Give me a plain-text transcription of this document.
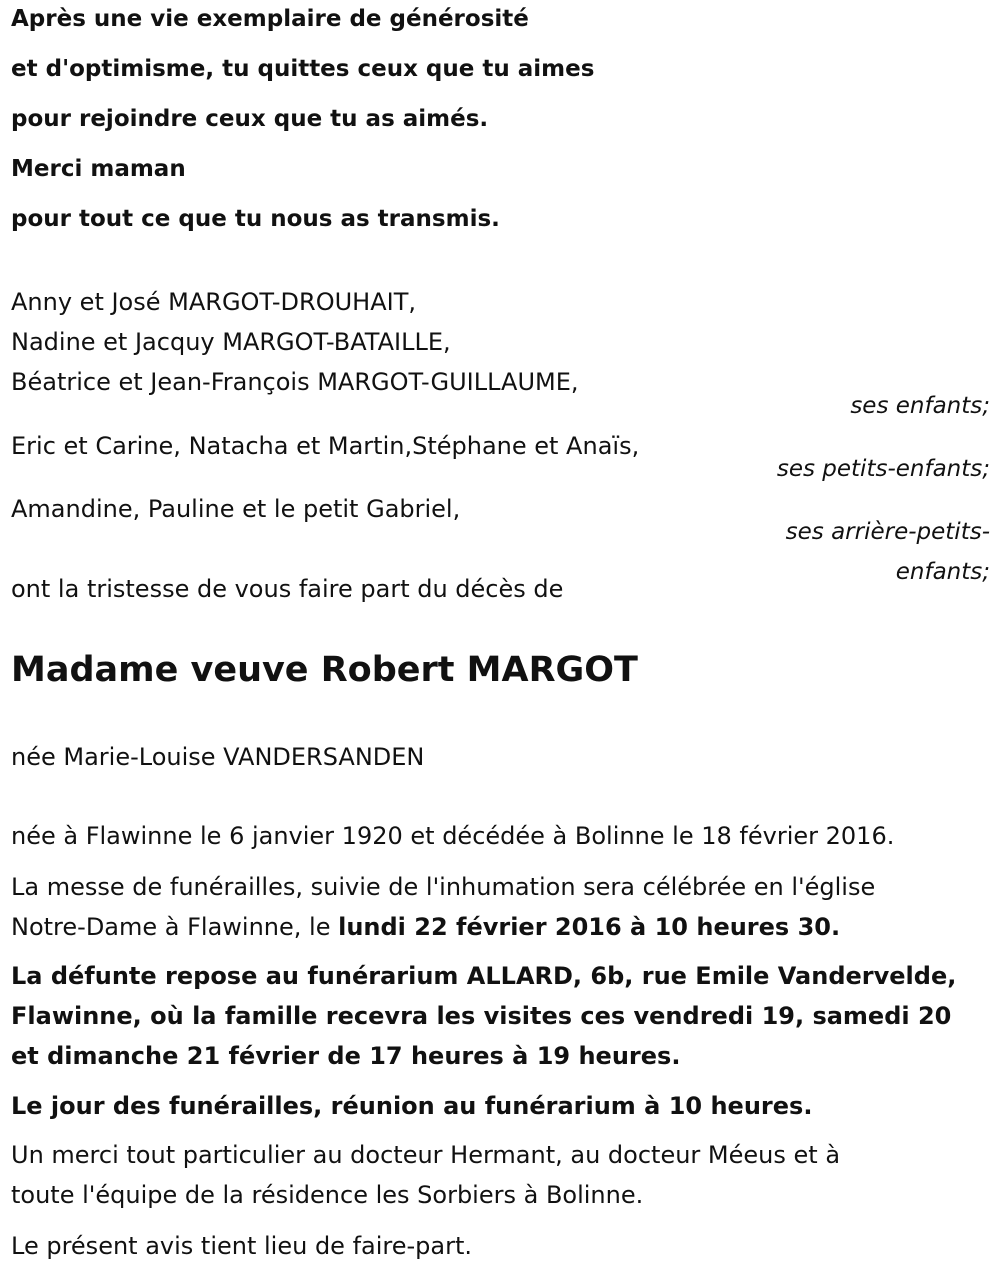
Après une vie exemplaire de générosité
et d'optimisme, tu quittes ceux que tu aimes
pour rejoindre ceux que tu as aimés.
Merci maman
pour tout ce que tu nous as transmis.
Anny et José MARGOT-DROUHAIT,
Nadine et Jacquy MARGOT-BATAILLE,
Béatrice et Jean-François MARGOT-GUILLAUME,
ses enfants;
Eric et Carine, Natacha et Martin,Stéphane et Anaïs,
ses petits-enfants;
Amandine, Pauline et le petit Gabriel,
ses arrière-petits-
enfants;
ont la tristesse de vous faire part du décès de
Madame veuve Robert MARGOT
née Marie-Louise VANDERSANDEN
née à Flawinne le 6 janvier 1920 et décédée à Bolinne le 18 février 2016.
La messe de funérailles, suivie de l'inhumation sera célébrée en l'église
Notre-Dame à Flawinne, le lundi 22 février 2016 à 10 heures 30.
La défunte repose au funérarium ALLARD, 6b, rue Emile Vandervelde,
Flawinne, où la famille recevra les visites ces vendredi 19, samedi 20
et dimanche 21 février de 17 heures à 19 heures.
Le jour des funérailles, réunion au funérarium à 10 heures.
Un merci tout particulier au docteur Hermant, au docteur Méeus et à
toute l'équipe de la résidence les Sorbiers à Bolinne.
Le présent avis tient lieu de faire-part.
